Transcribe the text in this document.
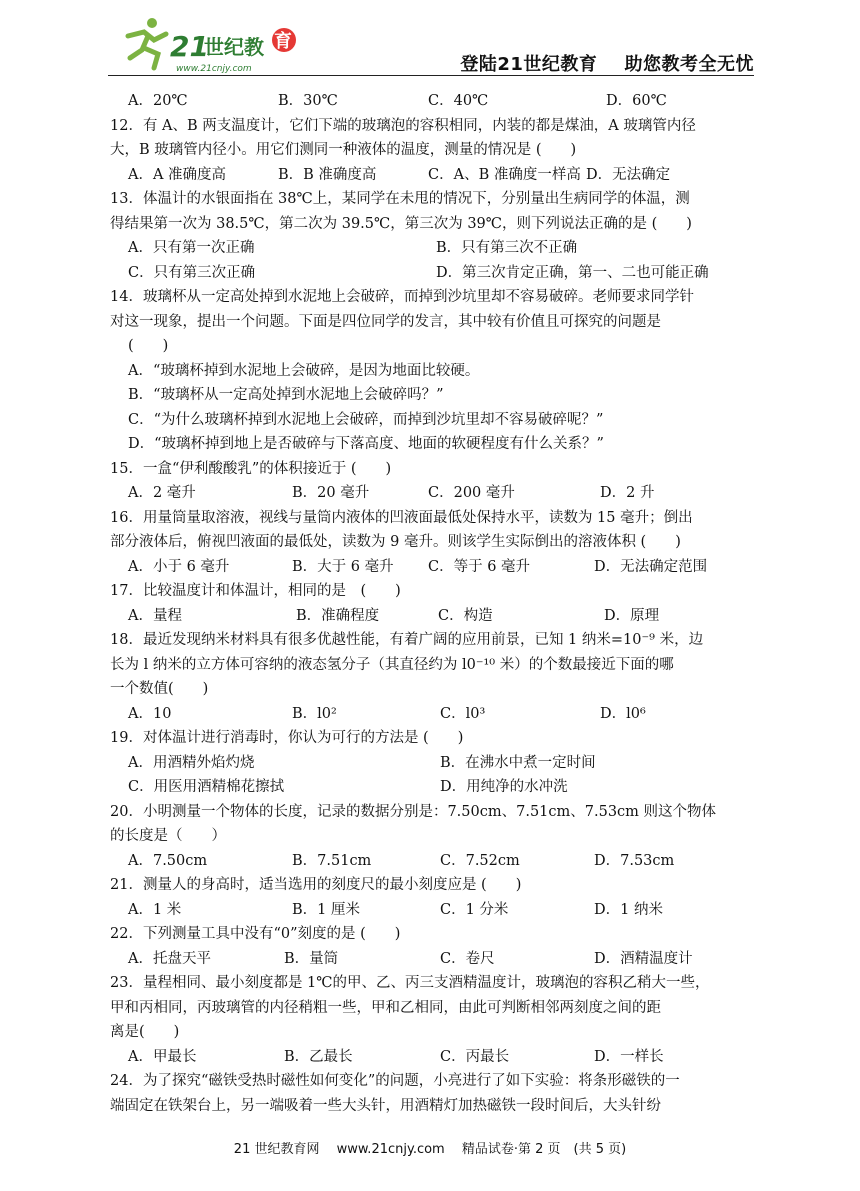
21
世纪教 育
www.21cnjy.com	登陆21世纪教育    助您教考全无忧
A．20℃	B．30℃	C．40℃	D．60℃
12．有 A、B 两支温度计，它们下端的玻璃泡的容积相同，内装的都是煤油，A 玻璃管内径
大，B 玻璃管内径小。用它们测同一种液体的温度，测量的情况是 (　　)
A．A 准确度高	B．B 准确度高	C．A、B 准确度一样高 D．无法确定
13．体温计的水银面指在 38℃上，某同学在未甩的情况下，分别量出生病同学的体温，测
得结果第一次为 38.5℃，第二次为 39.5℃，第三次为 39℃，则下列说法正确的是 (　　)
A．只有第一次正确	B．只有第三次不正确
C．只有第三次正确	D．第三次肯定正确，第一、二也可能正确
14．玻璃杯从一定高处掉到水泥地上会破碎，而掉到沙坑里却不容易破碎。老师要求同学针
对这一现象，提出一个问题。下面是四位同学的发言，其中较有价值且可探究的问题是
(　　)
A．“玻璃杯掉到水泥地上会破碎，是因为地面比较硬。
B．“玻璃杯从一定高处掉到水泥地上会破碎吗？”
C．“为什么玻璃杯掉到水泥地上会破碎，而掉到沙坑里却不容易破碎呢？”
D．“玻璃杯掉到地上是否破碎与下落高度、地面的软硬程度有什么关系？”
15．一盒“伊利酸酸乳”的体积接近于 (　　)
A．2 毫升	B．20 毫升	C．200 毫升	D．2 升
16．用量筒量取溶液，视线与量筒内液体的凹液面最低处保持水平，读数为 15 毫升；倒出
部分液体后，俯视凹液面的最低处，读数为 9 毫升。则该学生实际倒出的溶液体积 (　　)
A．小于 6 毫升	B．大于 6 毫升 C．等于 6 毫升	D．无法确定范围
17．比较温度计和体温计，相同的是　(　　)
A．量程	B．准确程度	C．构造	D．原理
18．最近发现纳米材料具有很多优越性能，有着广阔的应用前景，已知 1 纳米=10⁻⁹ 米，边
长为 l 纳米的立方体可容纳的液态氢分子（其直径约为 l0⁻¹⁰ 米）的个数最接近下面的哪
一个数值(　　)
A．10	B．l0²	C．l0³	D．l0⁶
19．对体温计进行消毒时，你认为可行的方法是 (　　)
A．用酒精外焰灼烧	B．在沸水中煮一定时间
C．用医用酒精棉花擦拭	D．用纯净的水冲洗
20．小明测量一个物体的长度，记录的数据分别是：7.50cm、7.51cm、7.53cm 则这个物体
的长度是（　　）
A．7.50cm	B．7.51cm	C．7.52cm	D．7.53cm
21．测量人的身高时，适当选用的刻度尺的最小刻度应是 (　　)
A．1 米	B．1 厘米	C．1 分米	D．1 纳米
22．下列测量工具中没有“0”刻度的是 (　　)
A．托盘天平	B．量筒	C．卷尺	D．酒精温度计
23．量程相同、最小刻度都是 1℃的甲、乙、丙三支酒精温度计，玻璃泡的容积乙稍大一些，
甲和丙相同，丙玻璃管的内径稍粗一些，甲和乙相同，由此可判断相邻两刻度之间的距
离是(　　)
A．甲最长	B．乙最长	C．丙最长	D．一样长
24．为了探究“磁铁受热时磁性如何变化”的问题，小亮进行了如下实验：将条形磁铁的一
端固定在铁架台上，另一端吸着一些大头针，用酒精灯加热磁铁一段时间后，大头针纷
21 世纪教育网　 www.21cnjy.com　 精品试卷·第 2 页　(共 5 页)
